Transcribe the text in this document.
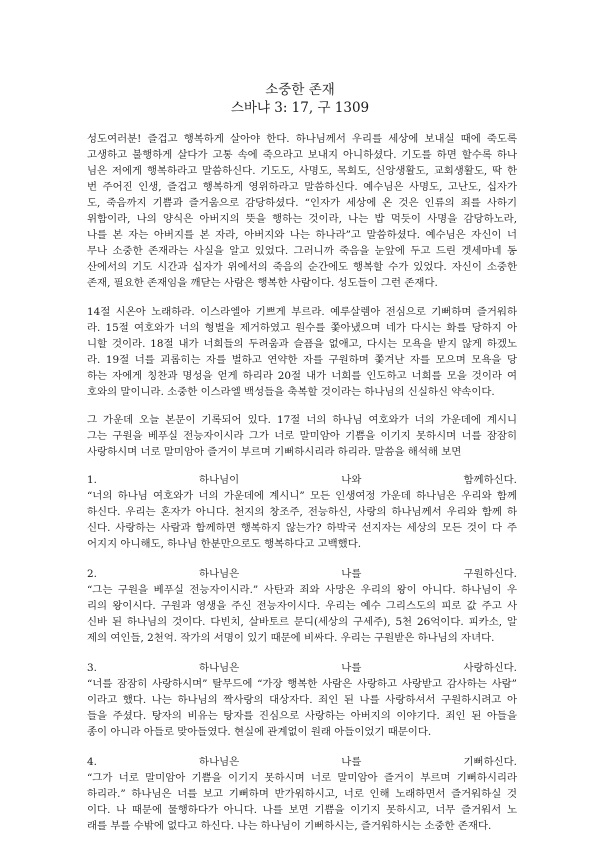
소중한 존재
스바냐 3: 17, 구 1309
성도여러분! 즐겁고 행복하게 살아야 한다. 하나님께서 우리를 세상에 보내실 때에 죽도록
고생하고 불행하게 살다가 고통 속에 죽으라고 보내지 아니하셨다. 기도를 하면 할수록 하나
님은 저에게 행복하라고 말씀하신다. 기도도, 사명도, 목회도, 신앙생활도, 교회생활도, 딱 한
번 주어진 인생, 즐겁고 행복하게 영위하라고 말씀하신다. 예수님은 사명도, 고난도, 십자가
도, 죽음까지 기쁨과 즐거움으로 감당하셨다. “인자가 세상에 온 것은 인류의 죄를 사하기
위함이라, 나의 양식은 아버지의 뜻을 행하는 것이라, 나는 밥 먹듯이 사명을 감당하노라,
나를 본 자는 아버지를 본 자라, 아버지와 나는 하나라”고 말씀하셨다. 예수님은 자신이 너
무나 소중한 존재라는 사실을 알고 있었다. 그러니까 죽음을 눈앞에 두고 드린 겟세마네 동
산에서의 기도 시간과 십자가 위에서의 죽음의 순간에도 행복할 수가 있었다. 자신이 소중한
존재, 필요한 존재임을 깨닫는 사람은 행복한 사람이다. 성도들이 그런 존재다.
14절 시온아 노래하라. 이스라엘아 기쁘게 부르라. 예루살렘아 전심으로 기뻐하며 즐거워하
라. 15절 여호와가 너의 형벌을 제거하였고 원수를 쫓아냈으며 네가 다시는 화를 당하지 아
니할 것이라. 18절 내가 너희들의 두려움과 슬픔을 없애고, 다시는 모욕을 받지 않게 하겠노
라. 19절 너를 괴롭히는 자를 벌하고 연약한 자를 구원하며 쫓겨난 자를 모으며 모욕을 당
하는 자에게 칭찬과 명성을 얻게 하리라 20절 내가 너희를 인도하고 너희를 모을 것이라 여
호와의 말이니라. 소중한 이스라엘 백성들을 축복할 것이라는 하나님의 신실하신 약속이다.
그 가운데 오늘 본문이 기록되어 있다. 17절 너의 하나님 여호와가 너의 가운데에 계시니
그는 구원을 베푸실 전능자이시라 그가 너로 말미암아 기쁨을 이기지 못하시며 너를 잠잠히
사랑하시며 너로 말미암아 즐거이 부르며 기뻐하시리라 하리라. 말씀을 해석해 보면
1. 하나님이 나와 함께하신다.
“너의 하나님 여호와가 너의 가운데에 계시니” 모든 인생여정 가운데 하나님은 우리와 함께
하신다. 우리는 혼자가 아니다. 천지의 창조주, 전능하신, 사랑의 하나님께서 우리와 함께 하
신다. 사랑하는 사람과 함께하면 행복하지 않는가? 하박국 선지자는 세상의 모든 것이 다 주
어지지 아니해도, 하나님 한분만으로도 행복하다고 고백했다.
2. 하나님은 나를 구원하신다.
“그는 구원을 베푸실 전능자이시라.” 사탄과 죄와 사망은 우리의 왕이 아니다. 하나님이 우
리의 왕이시다. 구원과 영생을 주신 전능자이시다. 우리는 예수 그리스도의 피로 값 주고 사
신바 된 하나님의 것이다. 다빈치, 살바토르 문디(세상의 구세주), 5천 26억이다. 피카소, 알
제의 여인들, 2천억. 작가의 서명이 있기 때문에 비싸다. 우리는 구원받은 하나님의 자녀다.
3. 하나님은 나를 사랑하신다.
“너를 잠잠히 사랑하시며” 탈무드에 “가장 행복한 사람은 사랑하고 사랑받고 감사하는 사람”
이라고 했다. 나는 하나님의 짝사랑의 대상자다. 죄인 된 나를 사랑하셔서 구원하시려고 아
들을 주셨다. 탕자의 비유는 탕자를 진심으로 사랑하는 아버지의 이야기다. 죄인 된 아들을
종이 아니라 아들로 맞아들였다. 현실에 관계없이 원래 아들이었기 때문이다.
4. 하나님은 나를 기뻐하신다.
“그가 너로 말미암아 기쁨을 이기지 못하시며 너로 말미암아 즐거이 부르며 기뻐하시리라
하리라.” 하나님은 너를 보고 기뻐하며 반가워하시고, 너로 인해 노래하면서 즐거워하실 것
이다. 나 때문에 물행하다가 아니다. 나를 보면 기쁨을 이기지 못하시고, 너무 즐거워서 노
래를 부를 수밖에 없다고 하신다. 나는 하나님이 기뻐하시는, 즐거워하시는 소중한 존재다.
